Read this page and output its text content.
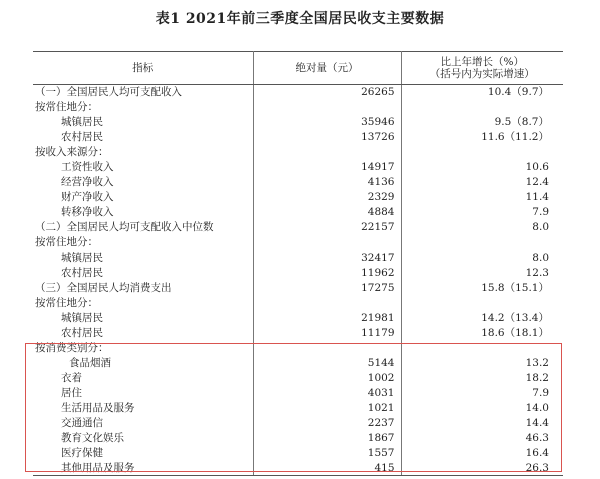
表1 2021年前三季度全国居民收支主要数据
指标	绝对量（元）	比上年增长（%）
（括号内为实际增速）

（一）全国居民人均可支配收入	26265	10.4（9.7）
按常住地分：		
城镇居民	35946	9.5（8.7）
农村居民	13726	11.6（11.2）
按收入来源分：		
工资性收入	14917	10.6
经营净收入	4136	12.4
财产净收入	2329	11.4
转移净收入	4884	7.9
（二）全国居民人均可支配收入中位数	22157	8.0
按常住地分：		
城镇居民	32417	8.0
农村居民	11962	12.3
（三）全国居民人均消费支出	17275	15.8（15.1）
按常住地分：		
城镇居民	21981	14.2（13.4）
农村居民	11179	18.6（18.1）
按消费类别分：		
食品烟酒	5144	13.2
衣着	1002	18.2
居住	4031	7.9
生活用品及服务	1021	14.0
交通通信	2237	14.4
教育文化娱乐	1867	46.3
医疗保健	1557	16.4
其他用品及服务	415	26.3
